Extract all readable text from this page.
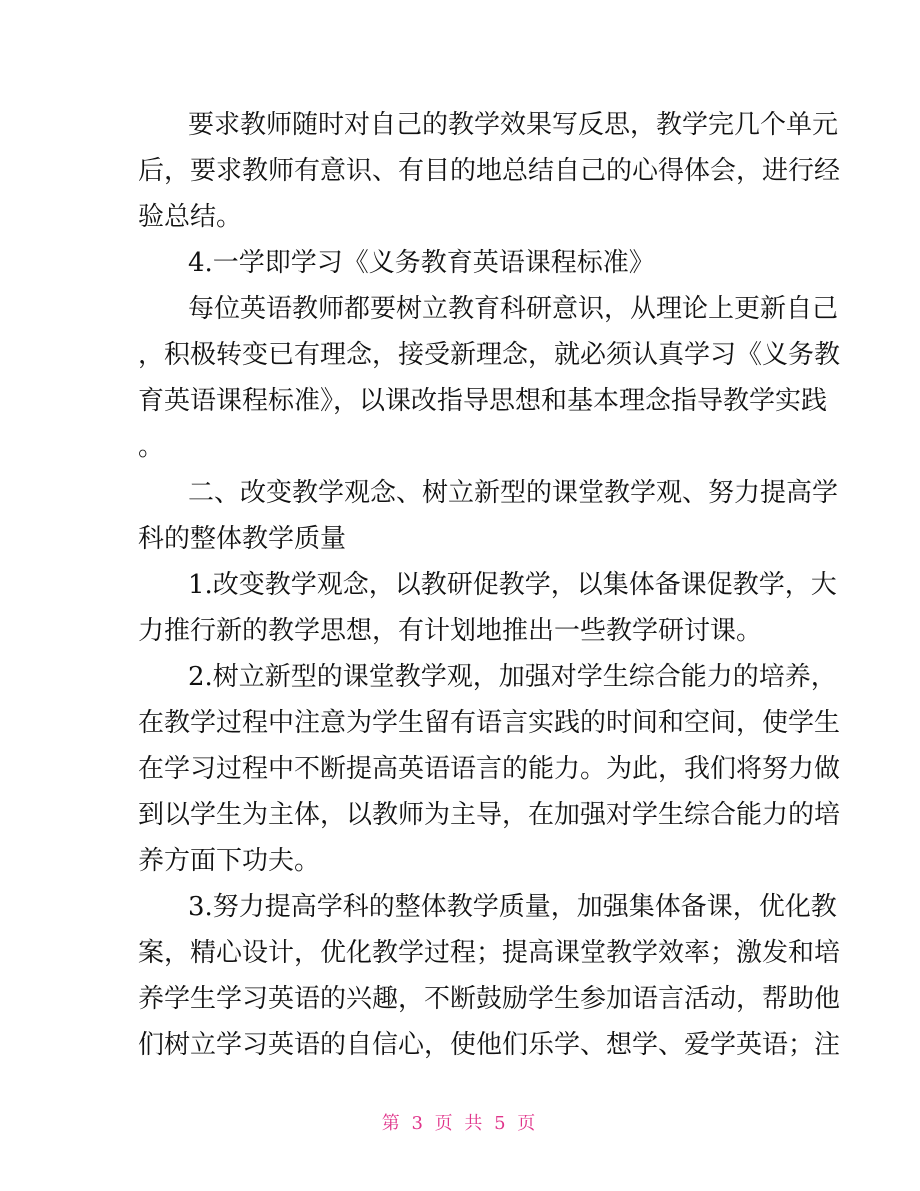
要求教师随时对自己的教学效果写反思，教学完几个单元
后，要求教师有意识、有目的地总结自己的心得体会，进行经
验总结。
4.一学即学习《义务教育英语课程标准》
每位英语教师都要树立教育科研意识，从理论上更新自己
，积极转变已有理念，接受新理念，就必须认真学习《义务教
育英语课程标准》，以课改指导思想和基本理念指导教学实践
。
二、改变教学观念、树立新型的课堂教学观、努力提高学
科的整体教学质量
1.改变教学观念，以教研促教学，以集体备课促教学，大
力推行新的教学思想，有计划地推出一些教学研讨课。
2.树立新型的课堂教学观，加强对学生综合能力的培养，
在教学过程中注意为学生留有语言实践的时间和空间，使学生
在学习过程中不断提高英语语言的能力。为此，我们将努力做
到以学生为主体，以教师为主导，在加强对学生综合能力的培
养方面下功夫。
3.努力提高学科的整体教学质量，加强集体备课，优化教
案，精心设计，优化教学过程；提高课堂教学效率；激发和培
养学生学习英语的兴趣，不断鼓励学生参加语言活动，帮助他
们树立学习英语的自信心，使他们乐学、想学、爱学英语；注
第 3 页 共 5 页
